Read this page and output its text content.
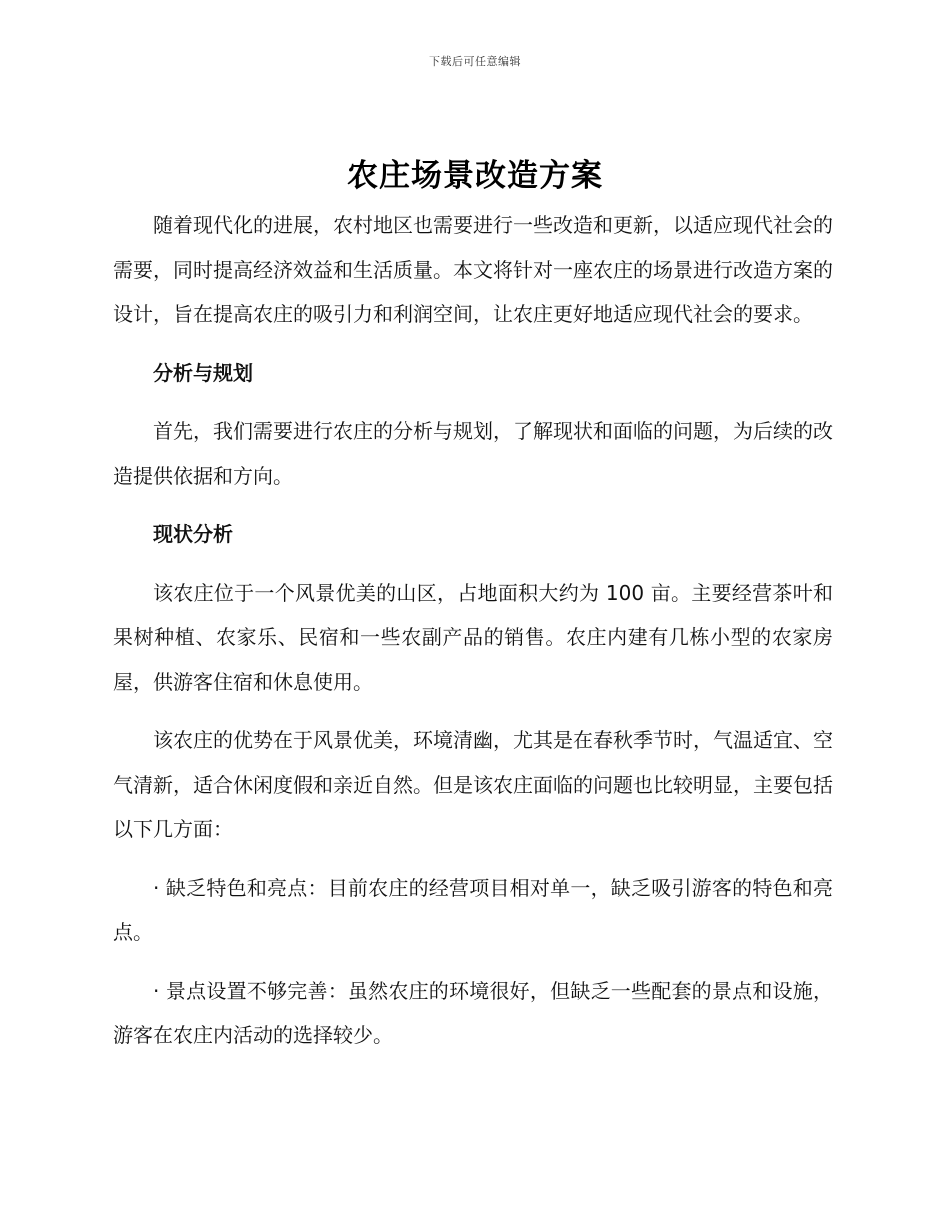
下载后可任意编辑
农庄场景改造方案

随着现代化的进展，农村地区也需要进行一些改造和更新，以适应现代社会的需要，同时提高经济效益和生活质量。本文将针对一座农庄的场景进行改造方案的设计，旨在提高农庄的吸引力和利润空间，让农庄更好地适应现代社会的要求。

分析与规划

首先，我们需要进行农庄的分析与规划，了解现状和面临的问题，为后续的改造提供依据和方向。

现状分析

该农庄位于一个风景优美的山区，占地面积大约为 100 亩。主要经营茶叶和果树种植、农家乐、民宿和一些农副产品的销售。农庄内建有几栋小型的农家房屋，供游客住宿和休息使用。

该农庄的优势在于风景优美，环境清幽，尤其是在春秋季节时，气温适宜、空气清新，适合休闲度假和亲近自然。但是该农庄面临的问题也比较明显，主要包括以下几方面：

· 缺乏特色和亮点：目前农庄的经营项目相对单一，缺乏吸引游客的特色和亮点。

· 景点设置不够完善：虽然农庄的环境很好，但缺乏一些配套的景点和设施，游客在农庄内活动的选择较少。
